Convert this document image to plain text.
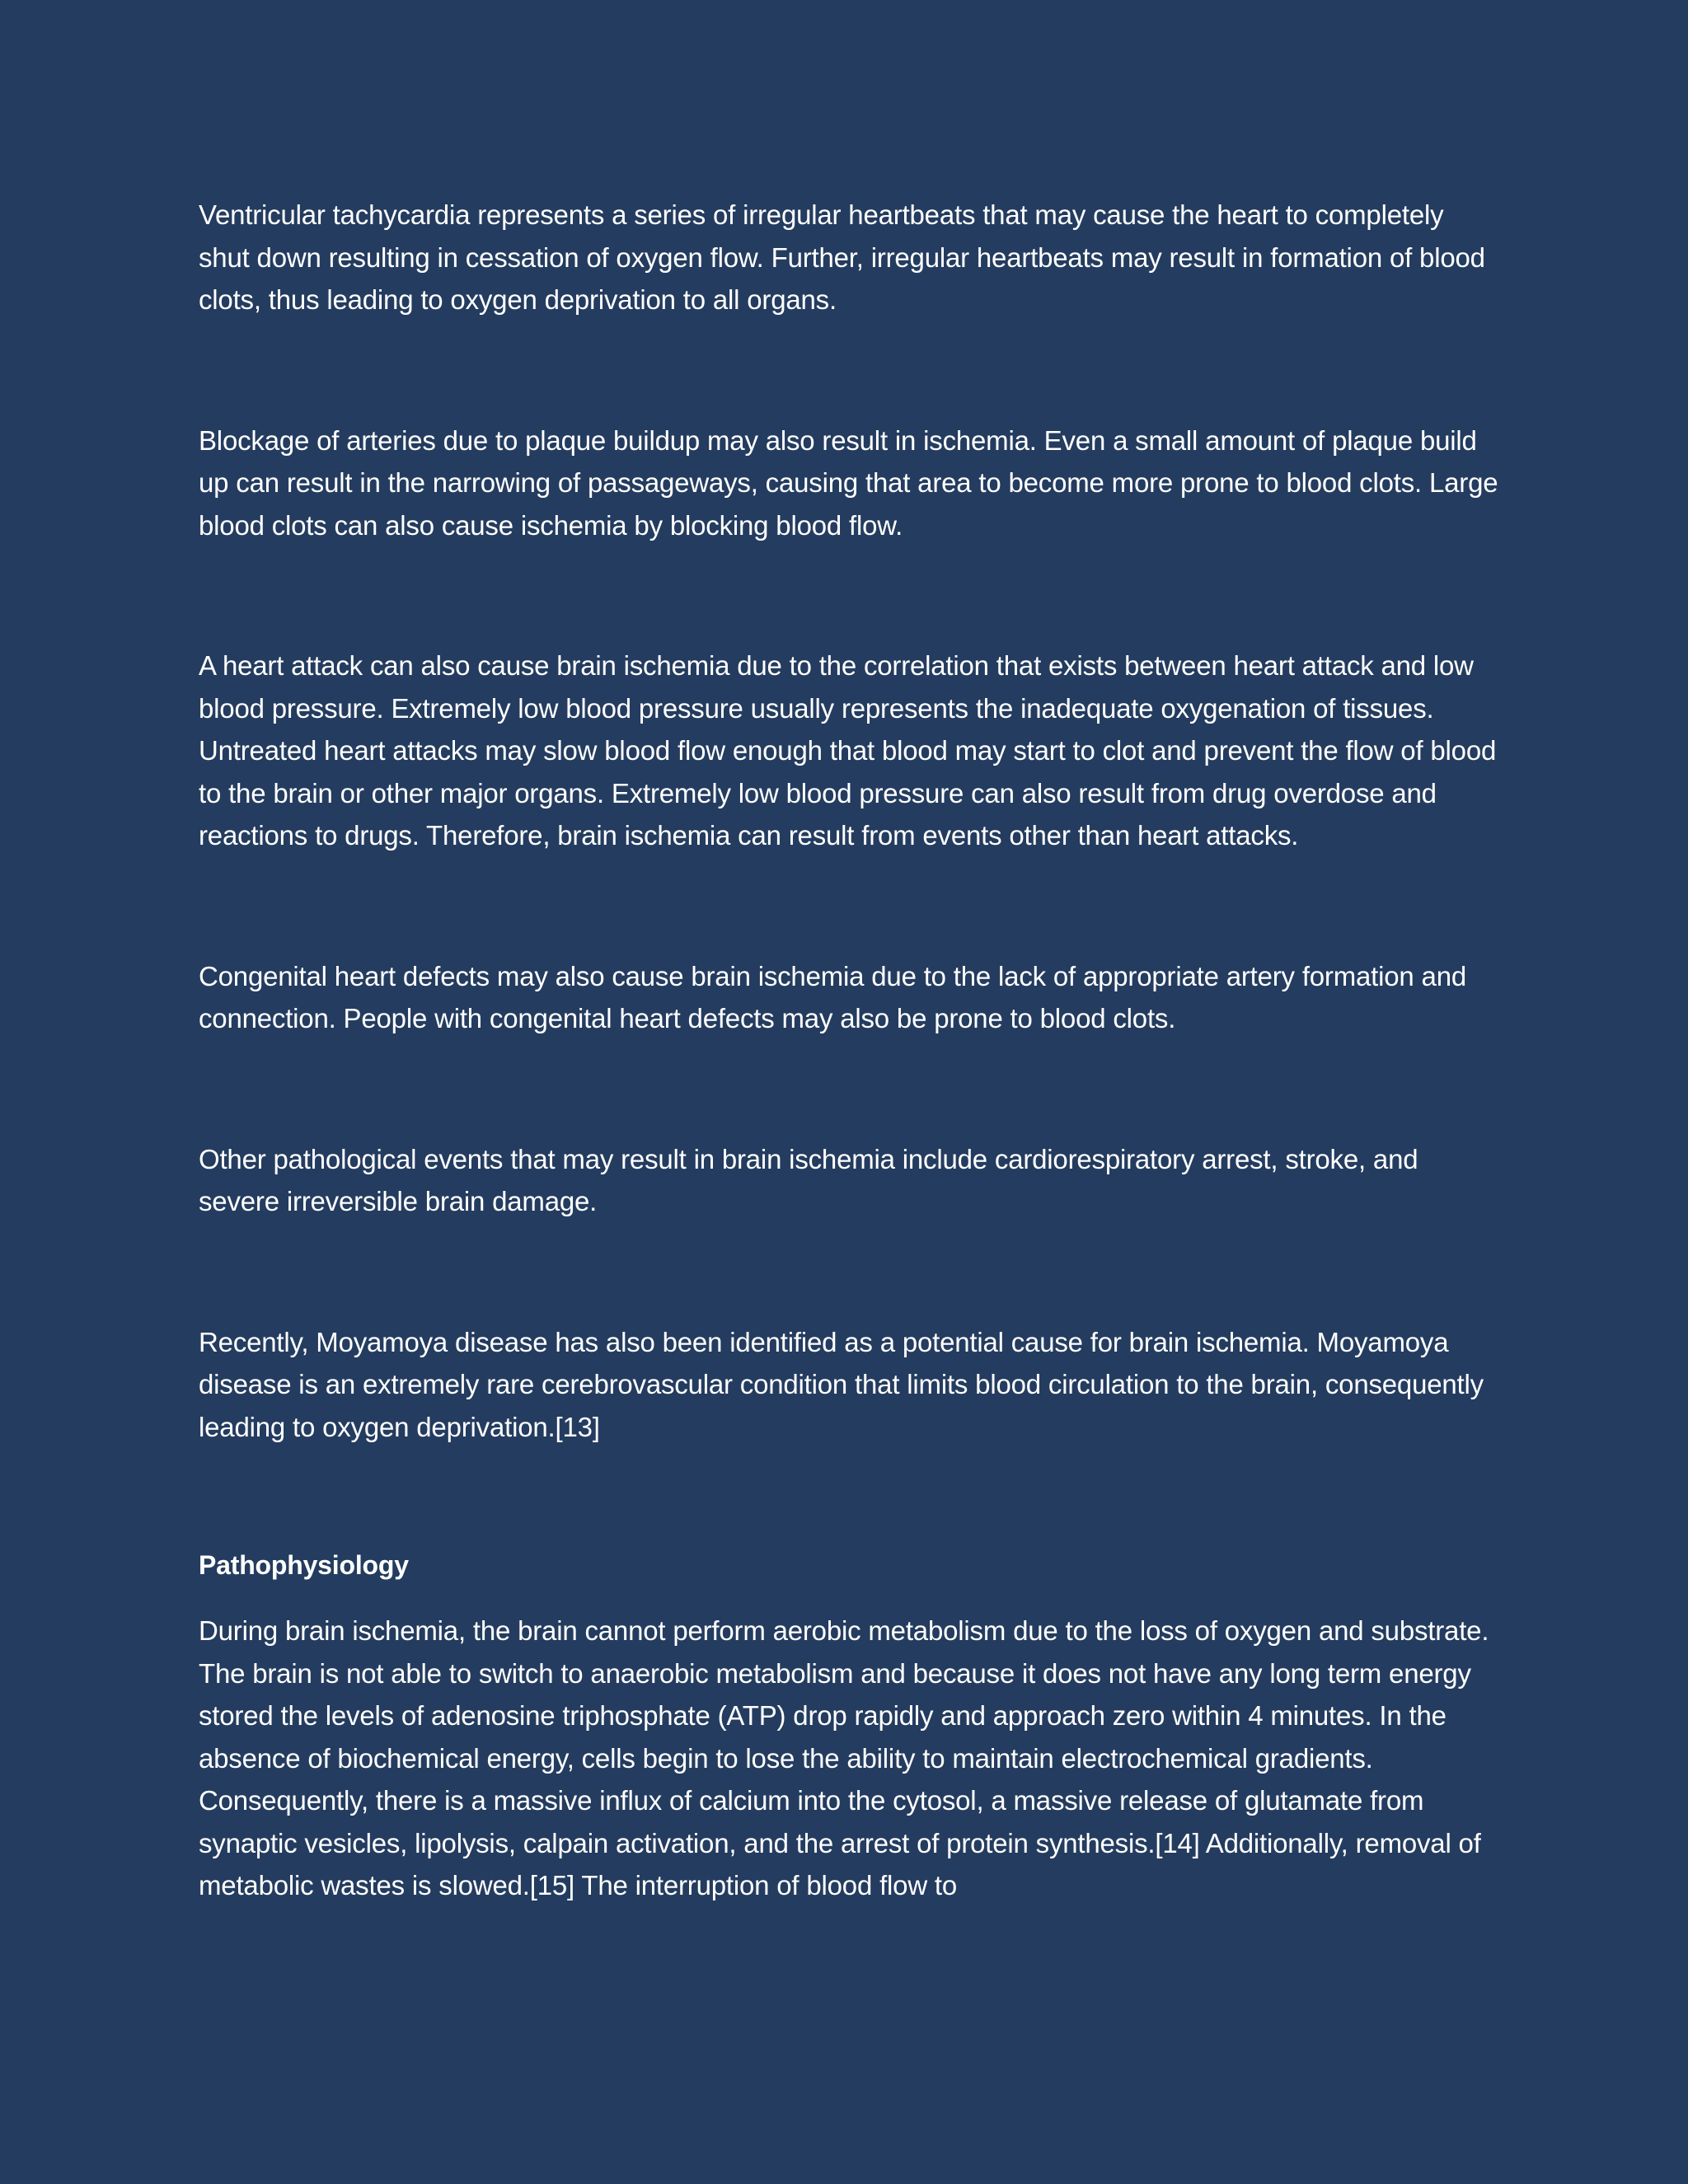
Ventricular tachycardia represents a series of irregular heartbeats that may cause the heart to completely shut down resulting in cessation of oxygen flow. Further, irregular heartbeats may result in formation of blood clots, thus leading to oxygen deprivation to all organs.

Blockage of arteries due to plaque buildup may also result in ischemia. Even a small amount of plaque build up can result in the narrowing of passageways, causing that area to become more prone to blood clots. Large blood clots can also cause ischemia by blocking blood flow.

A heart attack can also cause brain ischemia due to the correlation that exists between heart attack and low blood pressure. Extremely low blood pressure usually represents the inadequate oxygenation of tissues. Untreated heart attacks may slow blood flow enough that blood may start to clot and prevent the flow of blood to the brain or other major organs. Extremely low blood pressure can also result from drug overdose and reactions to drugs. Therefore, brain ischemia can result from events other than heart attacks.

Congenital heart defects may also cause brain ischemia due to the lack of appropriate artery formation and connection. People with congenital heart defects may also be prone to blood clots.

Other pathological events that may result in brain ischemia include cardiorespiratory arrest, stroke, and severe irreversible brain damage.

Recently, Moyamoya disease has also been identified as a potential cause for brain ischemia. Moyamoya disease is an extremely rare cerebrovascular condition that limits blood circulation to the brain, consequently leading to oxygen deprivation.[13]

Pathophysiology

During brain ischemia, the brain cannot perform aerobic metabolism due to the loss of oxygen and substrate. The brain is not able to switch to anaerobic metabolism and because it does not have any long term energy stored the levels of adenosine triphosphate (ATP) drop rapidly and approach zero within 4 minutes. In the absence of biochemical energy, cells begin to lose the ability to maintain electrochemical gradients. Consequently, there is a massive influx of calcium into the cytosol, a massive release of glutamate from synaptic vesicles, lipolysis, calpain activation, and the arrest of protein synthesis.[14] Additionally, removal of metabolic wastes is slowed.[15] The interruption of blood flow to
